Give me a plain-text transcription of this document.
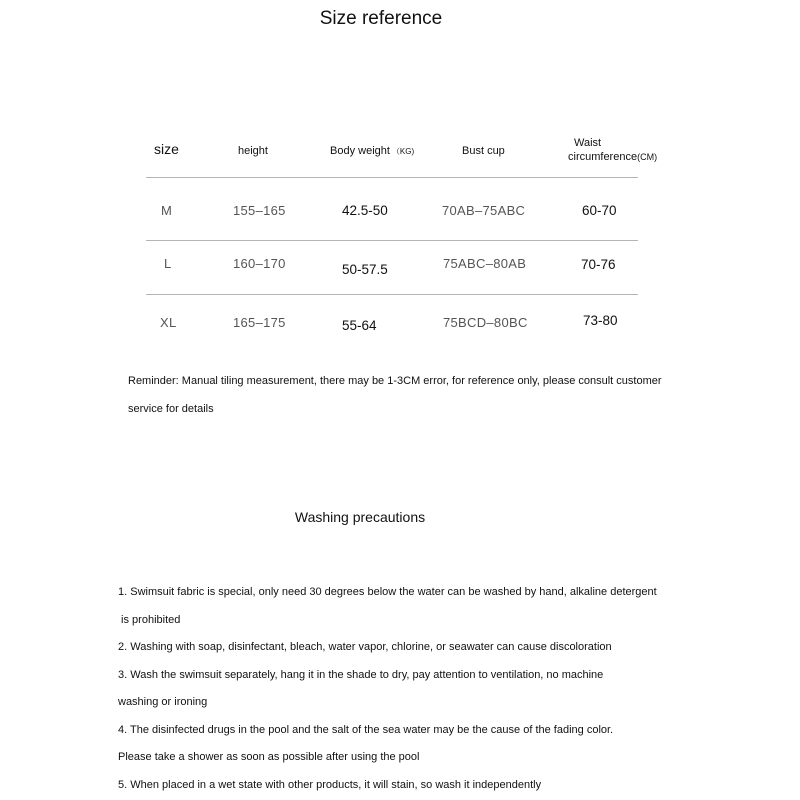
Size reference
size	height	Body weight （KG)	Bust cup
Waist
circumference(CM)
M	155–165	42.5-50	70AB–75ABC	60-70
L	160–170	50-57.5	75ABC–80AB	70-76
XL	165–175	55-64	75BCD–80BC	73-80
Reminder: Manual tiling measurement, there may be 1-3CM error, for reference only, please consult customer service for details
Washing precautions
1. Swimsuit fabric is special, only need 30 degrees below the water can be washed by hand, alkaline detergent
is prohibited
2. Washing with soap, disinfectant, bleach, water vapor, chlorine, or seawater can cause discoloration
3. Wash the swimsuit separately, hang it in the shade to dry, pay attention to ventilation, no machine
washing or ironing
4. The disinfected drugs in the pool and the salt of the sea water may be the cause of the fading color.
Please take a shower as soon as possible after using the pool
5. When placed in a wet state with other products, it will stain, so wash it independently
